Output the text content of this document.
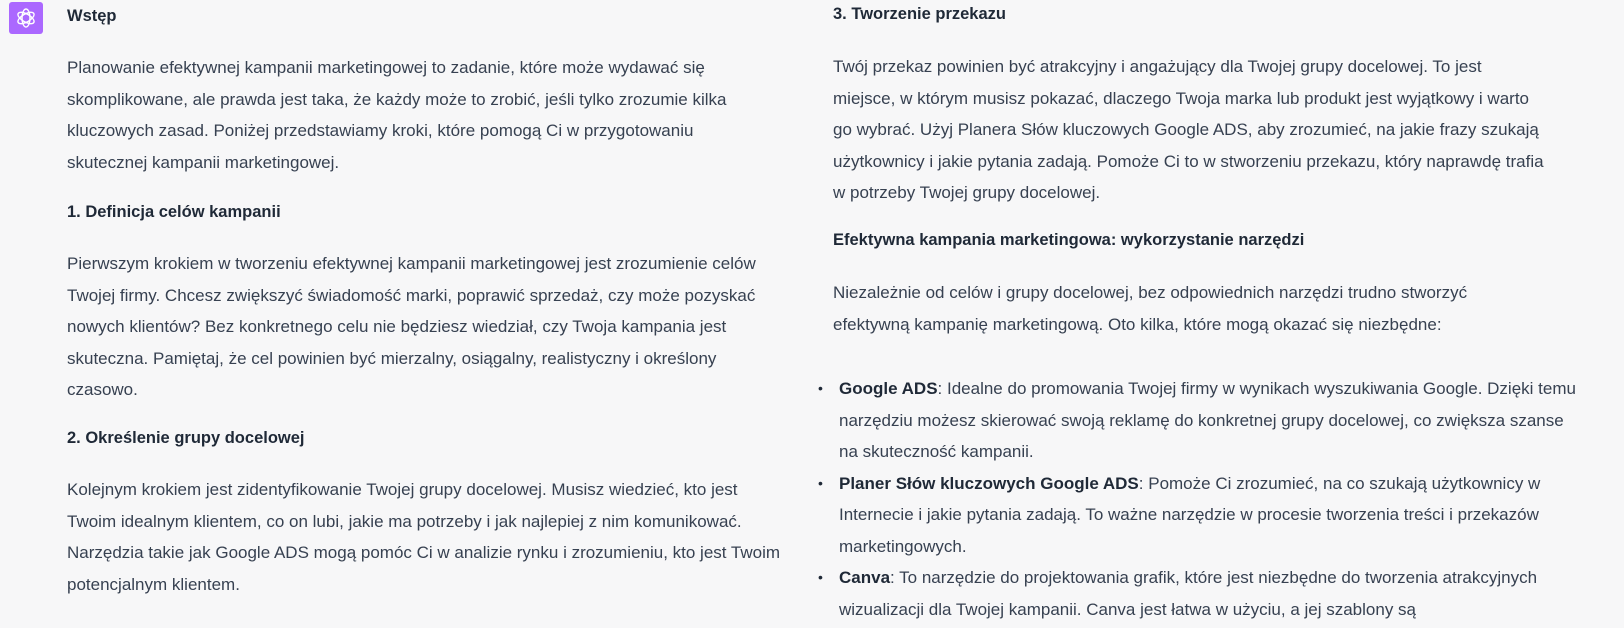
Wstęp
Planowanie efektywnej kampanii marketingowej to zadanie, które może wydawać się skomplikowane, ale prawda jest taka, że każdy może to zrobić, jeśli tylko zrozumie kilka kluczowych zasad. Poniżej przedstawiamy kroki, które pomogą Ci w przygotowaniu skutecznej kampanii marketingowej.
1. Definicja celów kampanii
Pierwszym krokiem w tworzeniu efektywnej kampanii marketingowej jest zrozumienie celów Twojej firmy. Chcesz zwiększyć świadomość marki, poprawić sprzedaż, czy może pozyskać nowych klientów? Bez konkretnego celu nie będziesz wiedział, czy Twoja kampania jest skuteczna. Pamiętaj, że cel powinien być mierzalny, osiągalny, realistyczny i określony czasowo.
2. Określenie grupy docelowej
Kolejnym krokiem jest zidentyfikowanie Twojej grupy docelowej. Musisz wiedzieć, kto jest Twoim idealnym klientem, co on lubi, jakie ma potrzeby i jak najlepiej z nim komunikować. Narzędzia takie jak Google ADS mogą pomóc Ci w analizie rynku i zrozumieniu, kto jest Twoim potencjalnym klientem.
3. Tworzenie przekazu
Twój przekaz powinien być atrakcyjny i angażujący dla Twojej grupy docelowej. To jest miejsce, w którym musisz pokazać, dlaczego Twoja marka lub produkt jest wyjątkowy i warto go wybrać. Użyj Planera Słów kluczowych Google ADS, aby zrozumieć, na jakie frazy szukają użytkownicy i jakie pytania zadają. Pomoże Ci to w stworzeniu przekazu, który naprawdę trafia w potrzeby Twojej grupy docelowej.
Efektywna kampania marketingowa: wykorzystanie narzędzi
Niezależnie od celów i grupy docelowej, bez odpowiednich narzędzi trudno stworzyć efektywną kampanię marketingową. Oto kilka, które mogą okazać się niezbędne:
• Google ADS: Idealne do promowania Twojej firmy w wynikach wyszukiwania Google. Dzięki temu narzędziu możesz skierować swoją reklamę do konkretnej grupy docelowej, co zwiększa szanse na skuteczność kampanii.
• Planer Słów kluczowych Google ADS: Pomoże Ci zrozumieć, na co szukają użytkownicy w Internecie i jakie pytania zadają. To ważne narzędzie w procesie tworzenia treści i przekazów marketingowych.
• Canva: To narzędzie do projektowania grafik, które jest niezbędne do tworzenia atrakcyjnych wizualizacji dla Twojej kampanii. Canva jest łatwa w użyciu, a jej szablony są
